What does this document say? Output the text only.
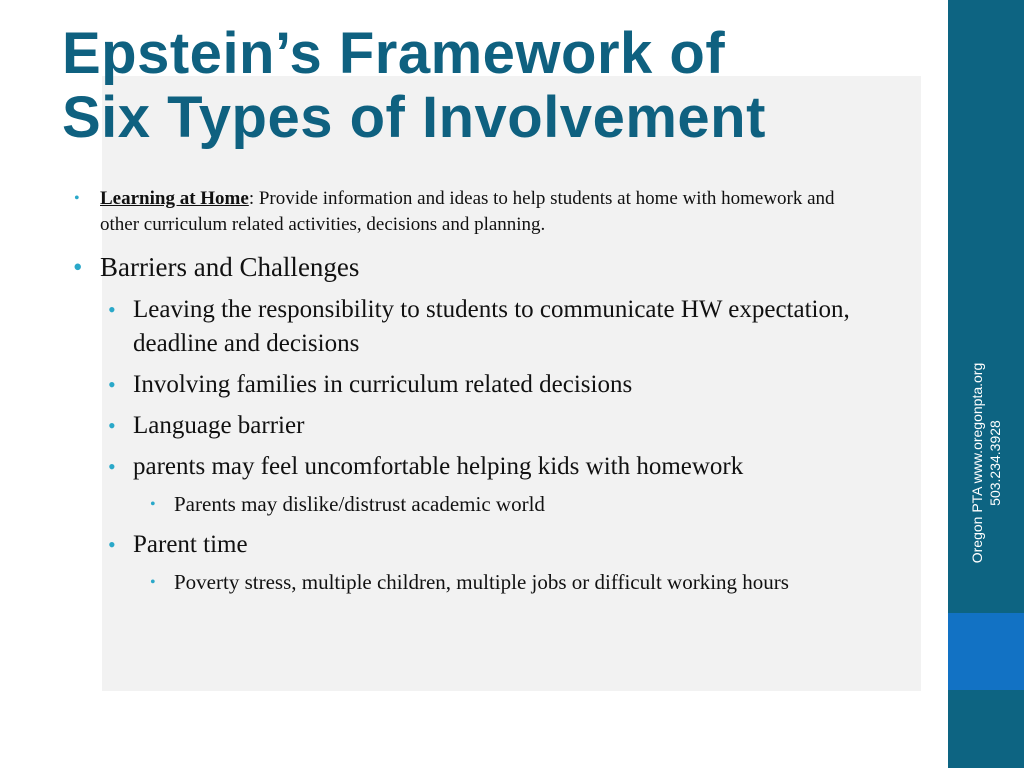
Epstein’s Framework of
Six Types of Involvement
Oregon PTA www.oregonpta.org 503.234.3928
• Learning at Home: Provide information and ideas to help students at home with homework and other curriculum related activities, decisions and planning.
• Barriers and Challenges
• Leaving the responsibility to students to communicate HW expectation, deadline and decisions
• Involving families in curriculum related decisions
• Language barrier
• parents may feel uncomfortable helping kids with homework
• Parents may dislike/distrust academic world
• Parent time
• Poverty stress, multiple children, multiple jobs or difficult working hours
